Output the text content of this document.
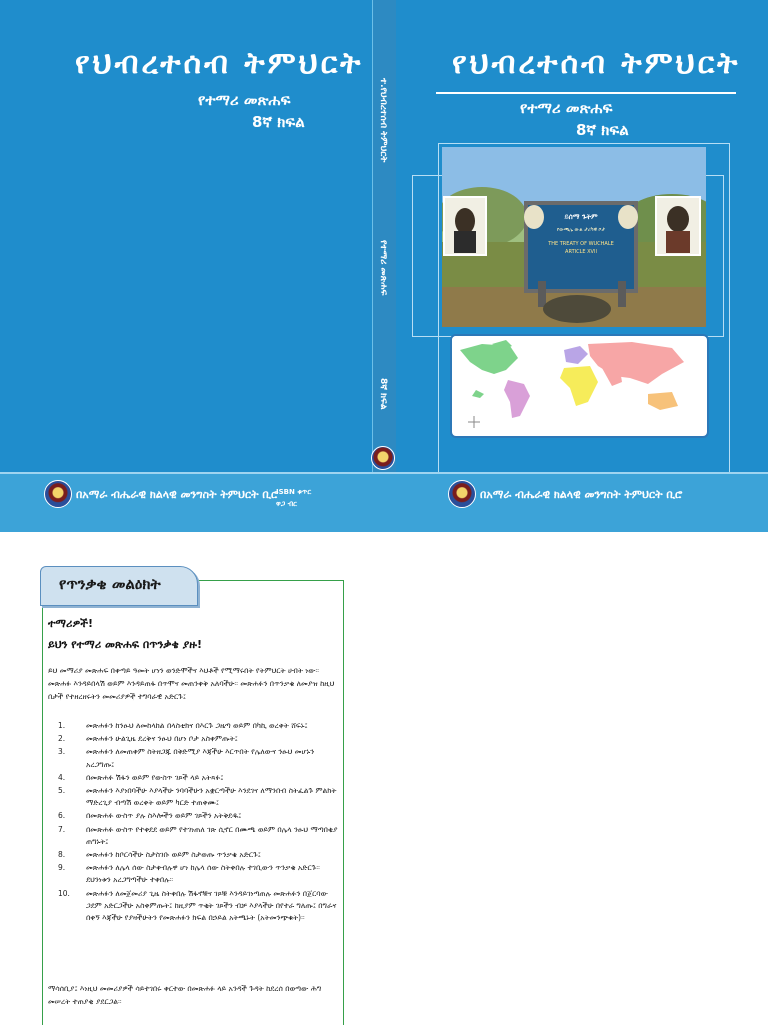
የህብረተሰብ ትምህርት
የተማሪ መጽሐፍ
8ኛ ክፍል	ተ.የህብረተሰብ ትምህርት
የተማሪ መጽሐፍ
8ኛ ክፍል
የህብረተሰብ ትምህርት
የተማሪ መጽሐፍ
8ኛ ክፍል
ይሰማ ጉትም
የውጫሌ ውል ታሪካዊ ቦታ
THE TREATY OF WUCHALE
ARTICLE XVII
በአማራ ብሔራዊ ክልላዊ መንግስት ትምህርት ቢሮ
ISBN ቁጥር
ዋጋ ብር
በአማራ ብሔራዊ ክልላዊ መንግስት ትምህርት ቢሮ
የጥንቃቄ መልዕክት
ተማሪዎች!
ይህን የተማሪ መጽሐፍ በጥንቃቄ ያዙ!
ይህ መማሪያ መጽሐፍ በቀጣይ ዓመት ሆነን ወንድሞችና እህቶች የሚማሩበት የትምህርት ሀብት ነው። መጽሐፉ እንዳይበላሽ ወይም እንዳይጠፋ በጥሞና መጠንቀቅ አለባችሁ። መጽሐፉን በጥንቃቄ ለመያዝ ከዚህ በታች የተዘረዘሩትን መመሪያዎች ተግባራዊ አድርጉ፤
1.	መጽሐፉን ከንፁህ ለመከላከል በላስቲክና በእርጉ ጋዜጣ ወይም በካኪ ወረቀት ሸፍኑ፤
2.	መጽሐፉን ሁልጊዜ ደረቅና ንፁህ በሆነ ቦታ አስቀምጡት፤
3.	መጽሐፉን ለመጠቀም ስትዘጋጁ በቅድሚያ እጃችሁ እርጥበት የሌለውና ንፁህ መሆኑን አረጋግጡ፤
4.	በመጽሐፉ ሽፋን ወይም የውስጥ ገጾች ላይ አትጻፉ፤
5.	መጽሐፉን እያነበባችሁ እያላችሁ ንባባችሁን አቋርጣችሁ እንደገና ለማንበብ ስትፈልጉ ምልክት ማድረጊያ ብጣሽ ወረቀት ወይም ካርድ ተጠቀሙ፤
6.	በመጽሐፉ ውስጥ ያሉ ስእሎችን ወይም ገጾችን አትቅደዱ፤
7.	በመጽሐፉ ውስጥ የተቀደደ ወይም የተገነጠለ ገጽ ሲኖር በሙጫ ወይም በሌላ ንፁህ ማጣበቂያ ጠግኑት፤
8.	መጽሐፉን ከቦርሳችሁ ስታስገቡ ወይም ስታወጡ ጥንቃቄ አድርጉ፤
9.	መጽሐፉን ለሌላ ሰው ስታቀብሉዋ ሆነ ከሌላ ሰው ስትቀበሉ ተገቢውን ጥንቃቄ አድርጉ። ደህንነቱን አረጋግጣችሁ ተቀበሉ።
10.	መጽሐፉን ለመጀመሪያ ጊዜ ስትቀበሉ ሽፋኖቹና ገጾቹ እንዳይገነጣጠሉ መጽሐፉን በጀርባው ጋደም አድርጋችሁ አስቀምጡት፤ ከዚያም ጥቂት ገጾችን ብቻ እያላችሁ በየተራ ግለጡ፤ በግራና በቀኝ እጃችሁ የያዛችሁትን የመጽሐፉን ክፍል በኃይል አትጫኑት (አትመንጭቁት)።
ማሳሰቢያ፤ እነዚህ መመሪያዎች ሳይተገበሩ ቀርተው በመጽሐፉ ላይ አንዳች ጉዳት ከደረሰ በወጣው ሕግ መሠረት ተጠያቂ ያደርጋል።
